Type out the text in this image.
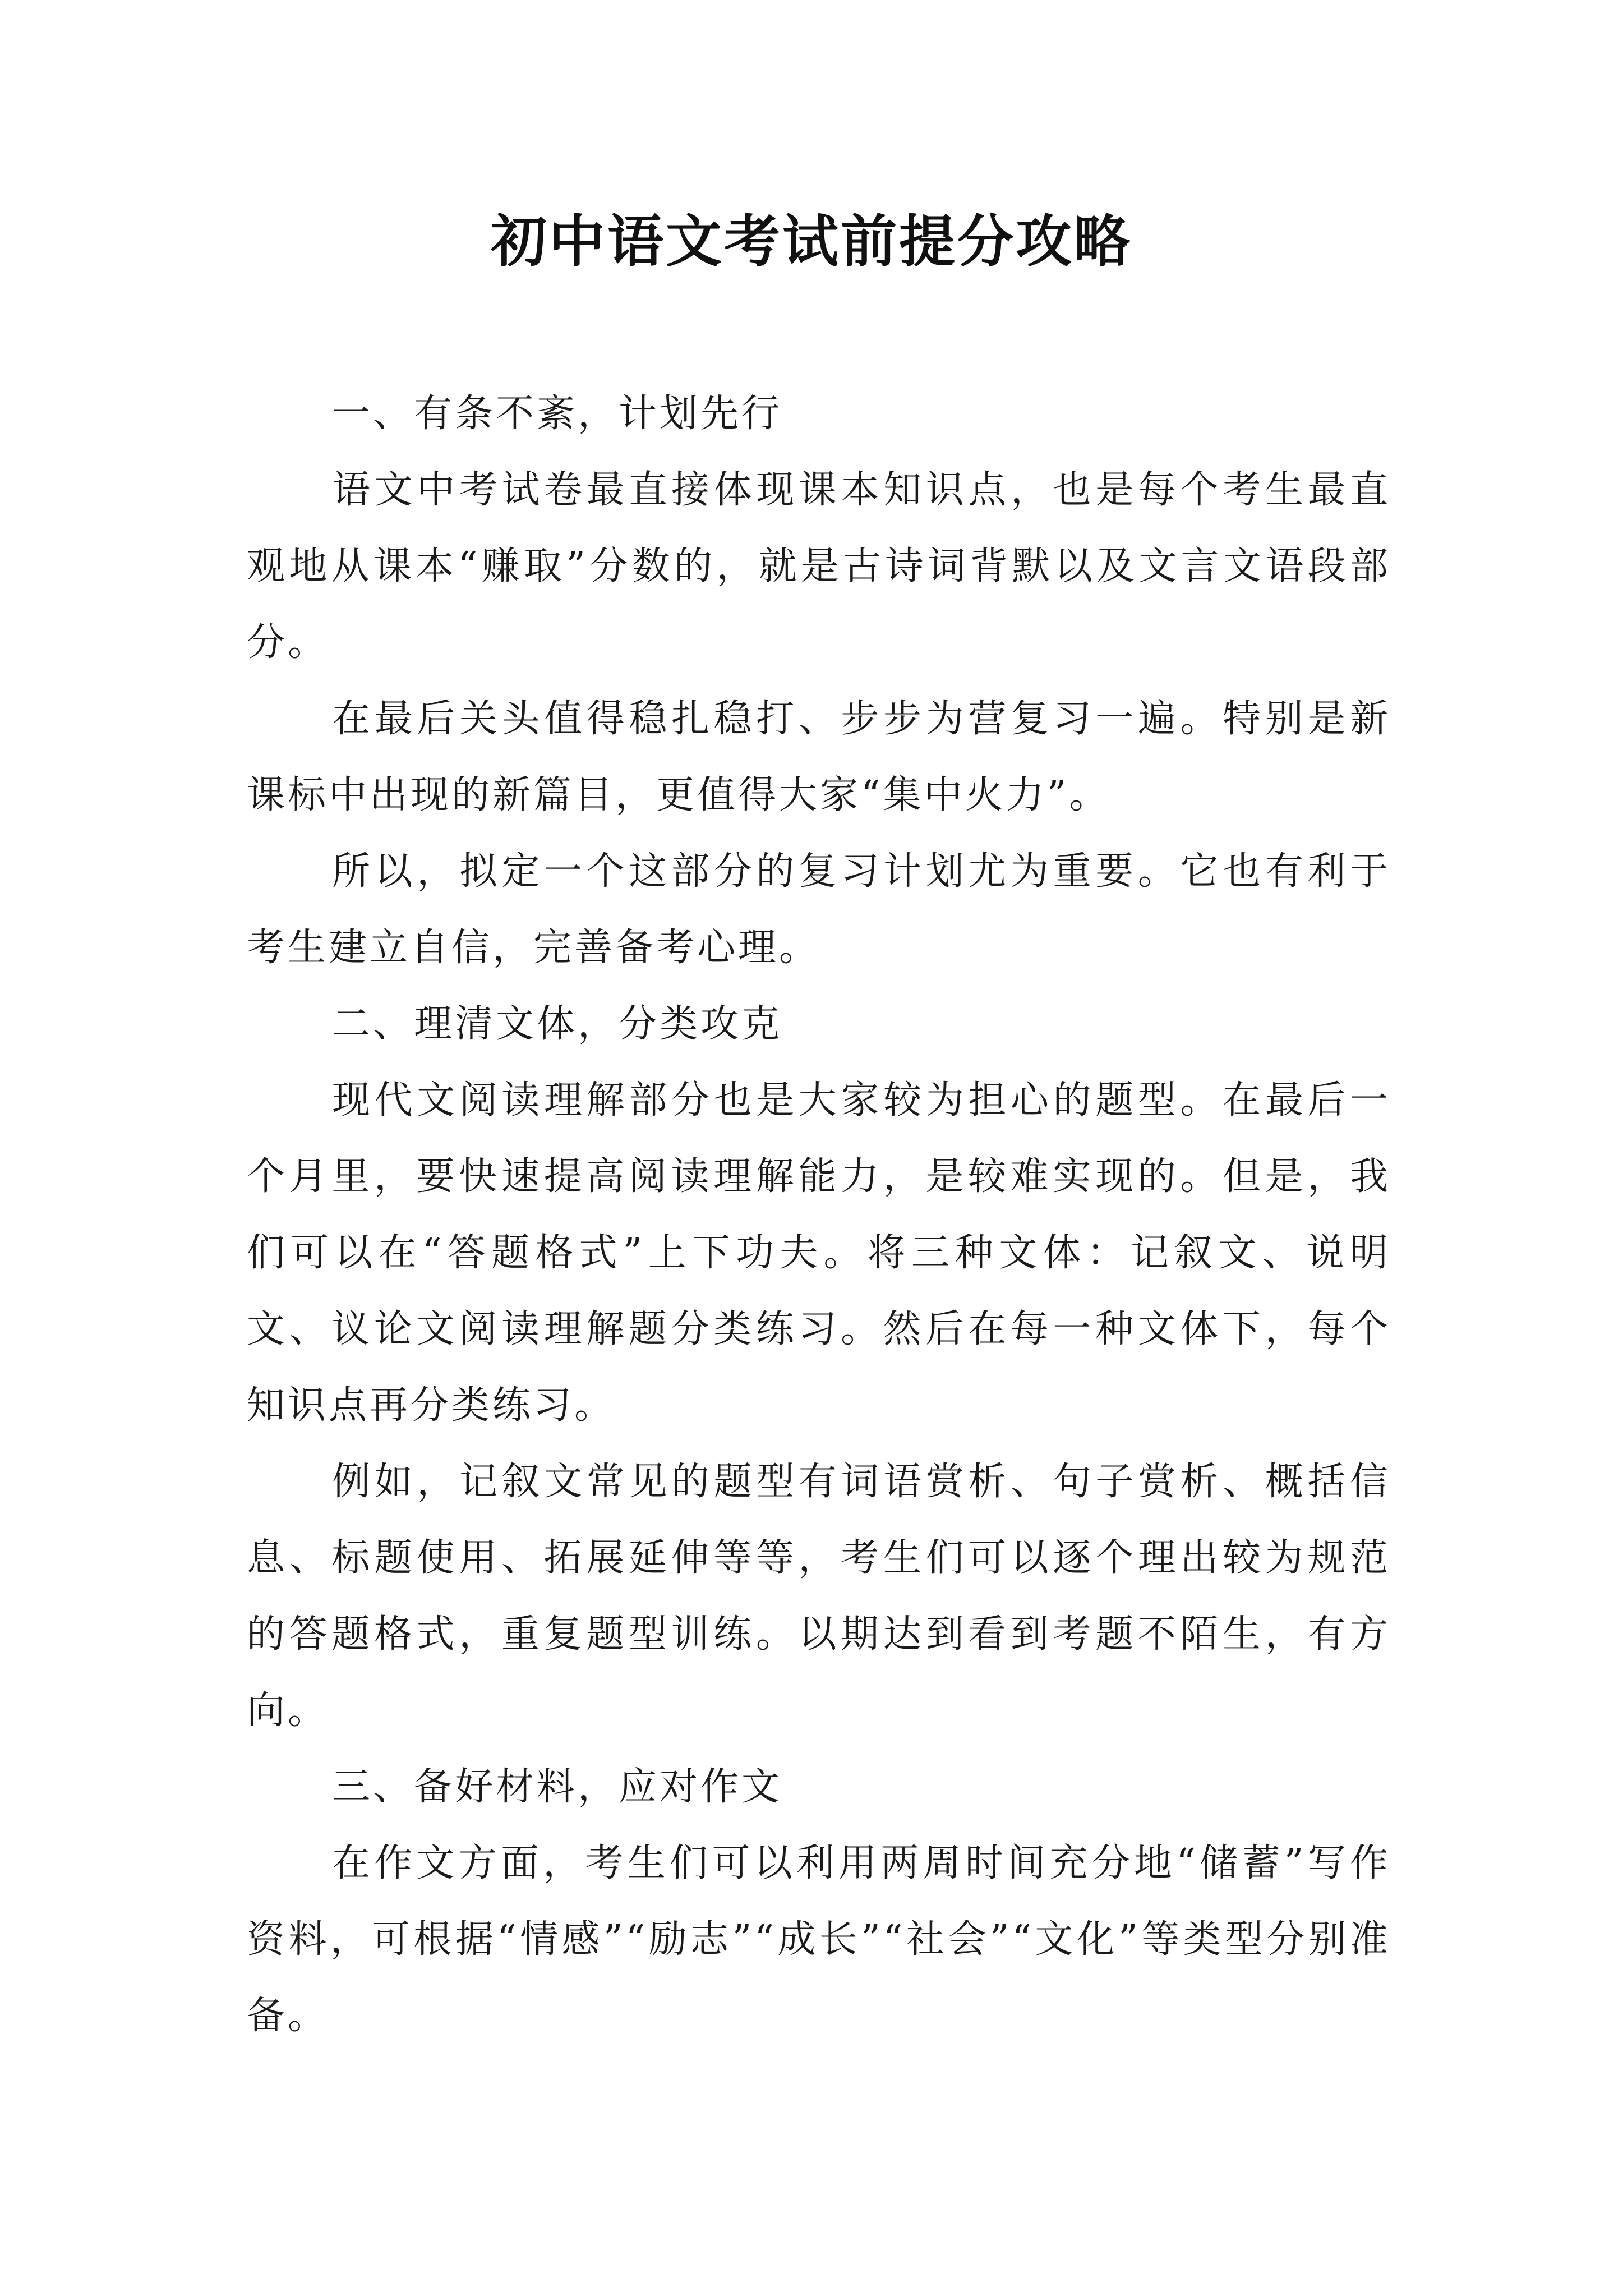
初中语文考试前提分攻略

一、有条不紊，计划先行

语文中考试卷最直接体现课本知识点，也是每个考生最直观地从课本“赚取”分数的，就是古诗词背默以及文言文语段部分。

在最后关头值得稳扎稳打、步步为营复习一遍。特别是新课标中出现的新篇目，更值得大家“集中火力”。

所以，拟定一个这部分的复习计划尤为重要。它也有利于考生建立自信，完善备考心理。

二、理清文体，分类攻克

现代文阅读理解部分也是大家较为担心的题型。在最后一个月里，要快速提高阅读理解能力，是较难实现的。但是，我们可以在“答题格式”上下功夫。将三种文体：记叙文、说明文、议论文阅读理解题分类练习。然后在每一种文体下，每个知识点再分类练习。

例如，记叙文常见的题型有词语赏析、句子赏析、概括信息、标题使用、拓展延伸等等，考生们可以逐个理出较为规范的答题格式，重复题型训练。以期达到看到考题不陌生，有方向。

三、备好材料，应对作文

在作文方面，考生们可以利用两周时间充分地“储蓄”写作资料，可根据“情感”“励志”“成长”“社会”“文化”等类型分别准备。
